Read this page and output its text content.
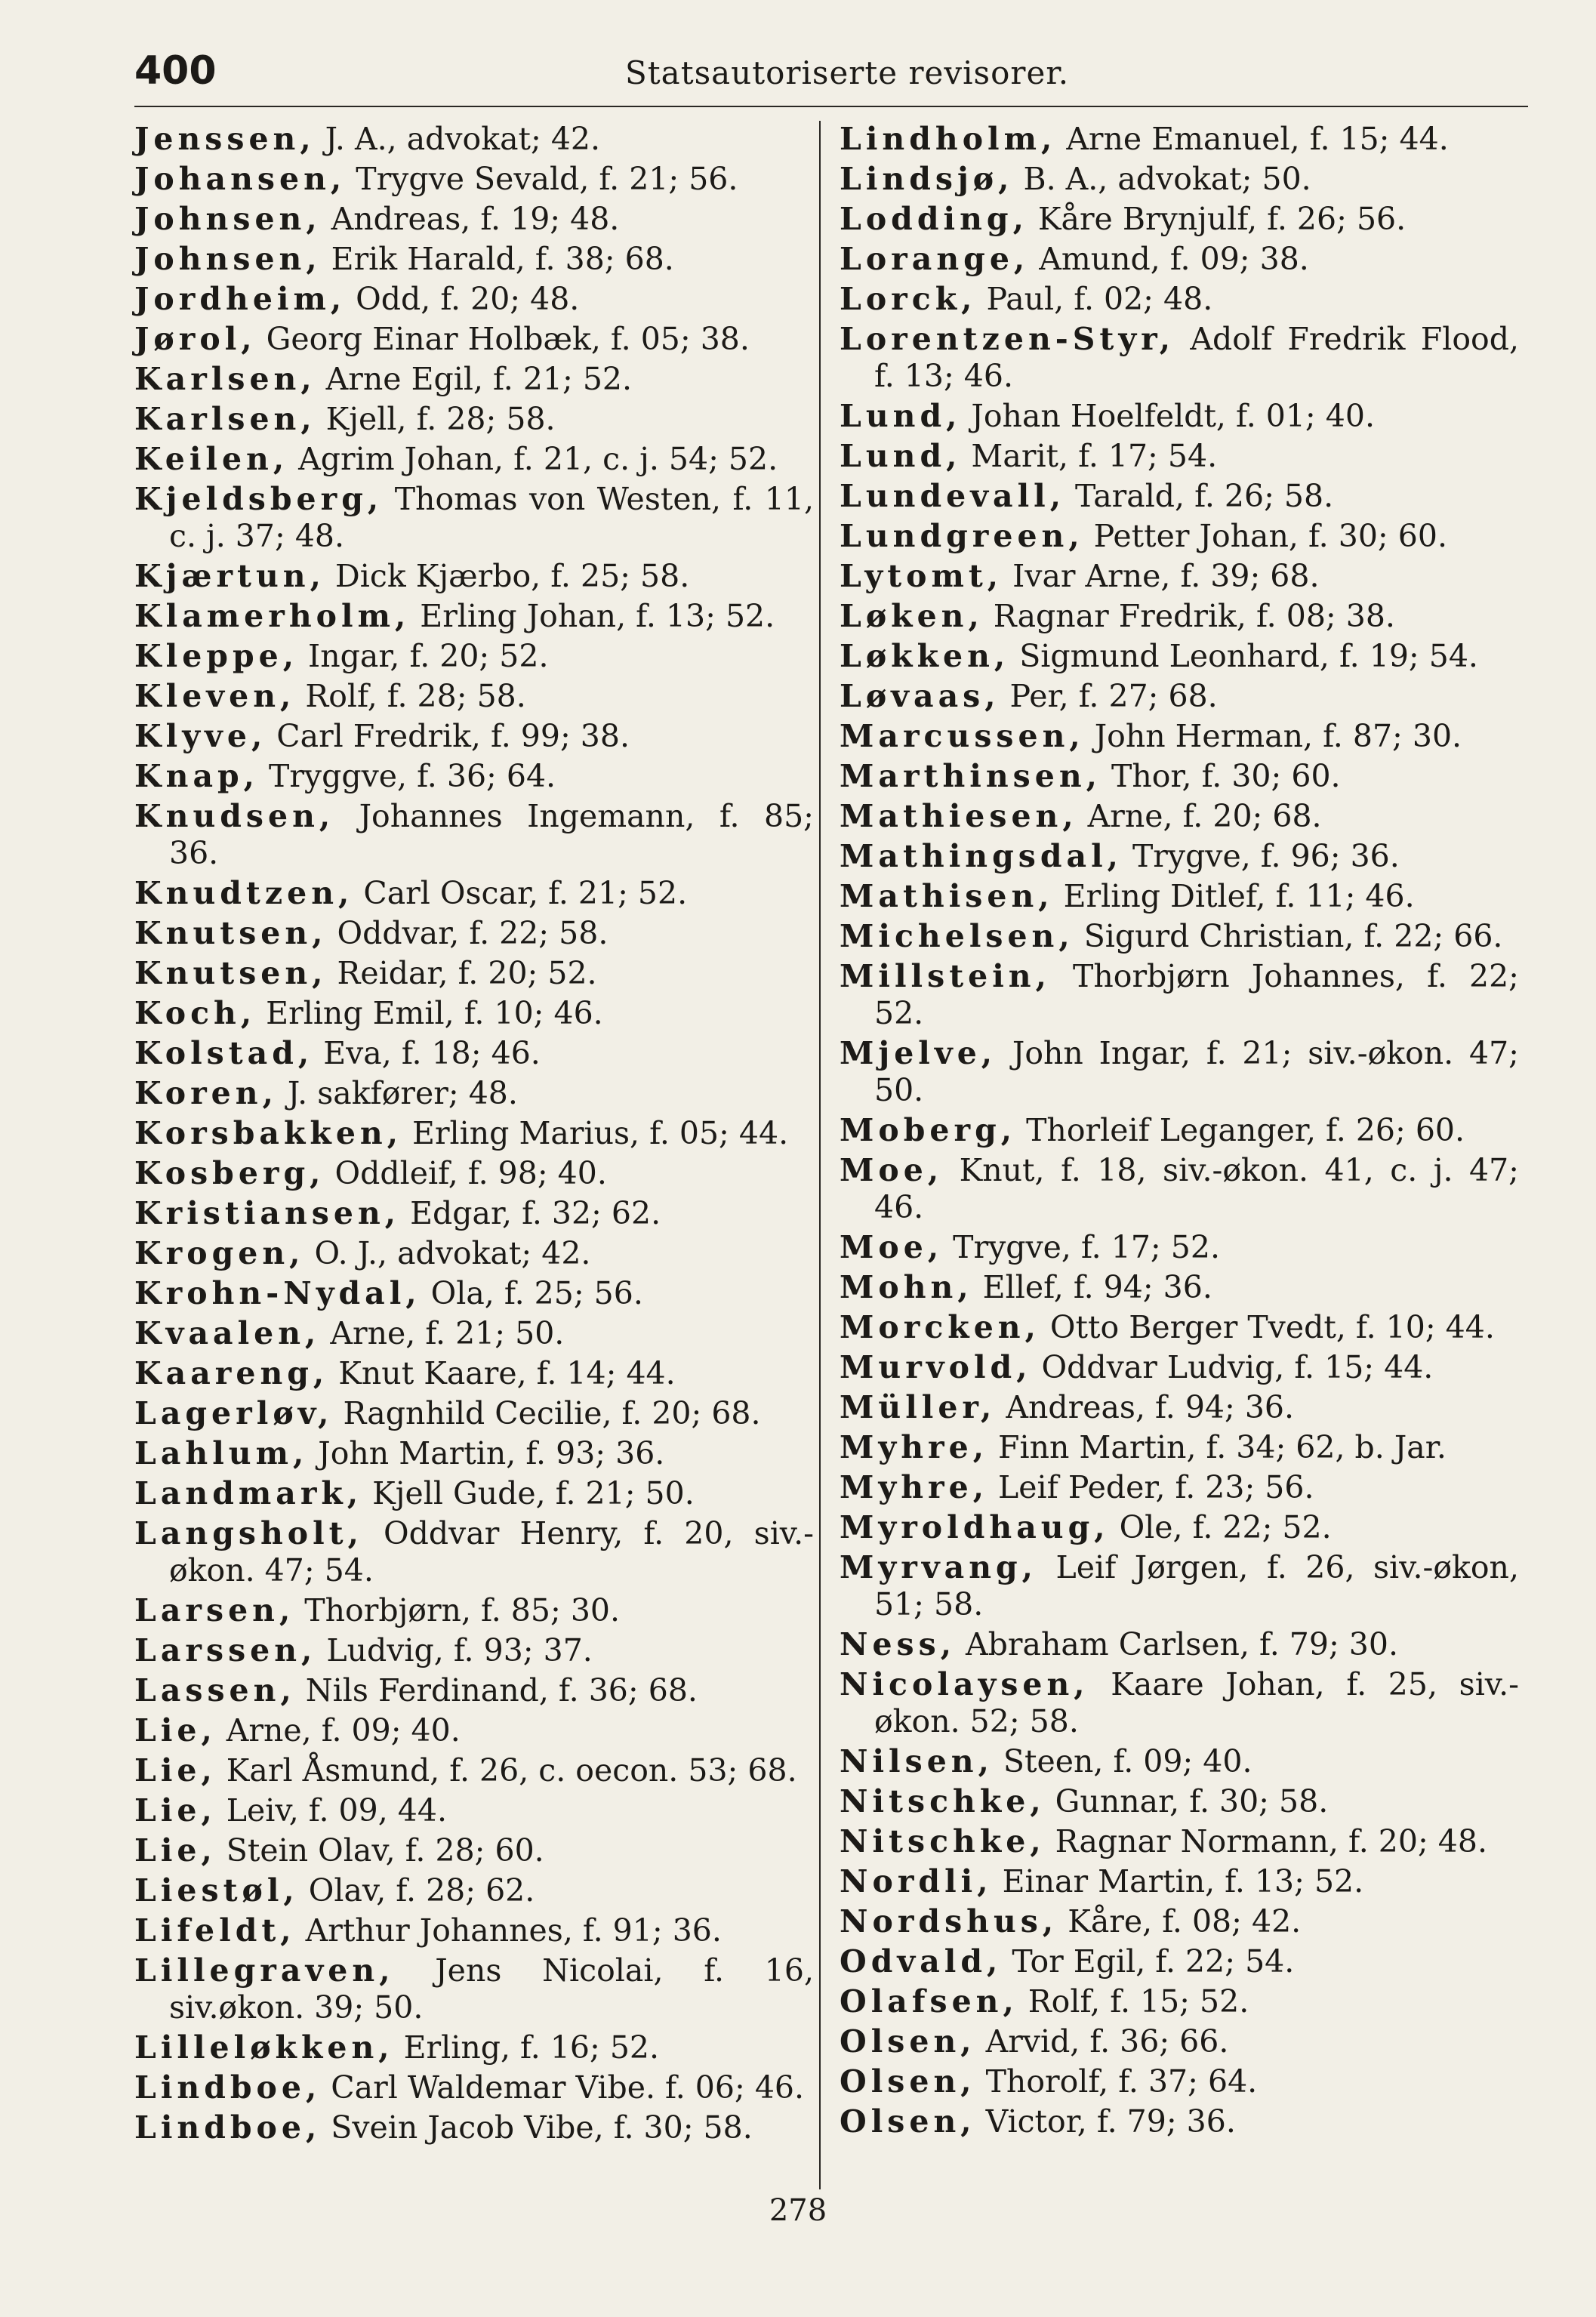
400	Statsautoriserte revisorer.
Jenssen, J. A., advokat; 42.
Johansen, Trygve Sevald, f. 21; 56.
Johnsen, Andreas, f. 19; 48.
Johnsen, Erik Harald, f. 38; 68.
Jordheim, Odd, f. 20; 48.
Jørol, Georg Einar Holbæk, f. 05; 38.
Karlsen, Arne Egil, f. 21; 52.
Karlsen, Kjell, f. 28; 58.
Keilen, Agrim Johan, f. 21, c. j. 54; 52.
Kjeldsberg, Thomas von Westen, f. 11, c. j. 37; 48.
Kjærtun, Dick Kjærbo, f. 25; 58.
Klamerholm, Erling Johan, f. 13; 52.
Kleppe, Ingar, f. 20; 52.
Kleven, Rolf, f. 28; 58.
Klyve, Carl Fredrik, f. 99; 38.
Knap, Tryggve, f. 36; 64.
Knudsen, Johannes Ingemann, f. 85; 36.
Knudtzen, Carl Oscar, f. 21; 52.
Knutsen, Oddvar, f. 22; 58.
Knutsen, Reidar, f. 20; 52.
Koch, Erling Emil, f. 10; 46.
Kolstad, Eva, f. 18; 46.
Koren, J. sakfører; 48.
Korsbakken, Erling Marius, f. 05; 44.
Kosberg, Oddleif, f. 98; 40.
Kristiansen, Edgar, f. 32; 62.
Krogen, O. J., advokat; 42.
Krohn-Nydal, Ola, f. 25; 56.
Kvaalen, Arne, f. 21; 50.
Kaareng, Knut Kaare, f. 14; 44.
Lagerløv, Ragnhild Cecilie, f. 20; 68.
Lahlum, John Martin, f. 93; 36.
Landmark, Kjell Gude, f. 21; 50.
Langsholt, Oddvar Henry, f. 20, siv.-økon. 47; 54.
Larsen, Thorbjørn, f. 85; 30.
Larssen, Ludvig, f. 93; 37.
Lassen, Nils Ferdinand, f. 36; 68.
Lie, Arne, f. 09; 40.
Lie, Karl Åsmund, f. 26, c. oecon. 53; 68.
Lie, Leiv, f. 09, 44.
Lie, Stein Olav, f. 28; 60.
Liestøl, Olav, f. 28; 62.
Lifeldt, Arthur Johannes, f. 91; 36.
Lillegraven, Jens Nicolai, f. 16, siv.økon. 39; 50.
Lilleløkken, Erling, f. 16; 52.
Lindboe, Carl Waldemar Vibe. f. 06; 46.
Lindboe, Svein Jacob Vibe, f. 30; 58.
Lindholm, Arne Emanuel, f. 15; 44.
Lindsjø, B. A., advokat; 50.
Lodding, Kåre Brynjulf, f. 26; 56.
Lorange, Amund, f. 09; 38.
Lorck, Paul, f. 02; 48.
Lorentzen-Styr, Adolf Fredrik Flood, f. 13; 46.
Lund, Johan Hoelfeldt, f. 01; 40.
Lund, Marit, f. 17; 54.
Lundevall, Tarald, f. 26; 58.
Lundgreen, Petter Johan, f. 30; 60.
Lytomt, Ivar Arne, f. 39; 68.
Løken, Ragnar Fredrik, f. 08; 38.
Løkken, Sigmund Leonhard, f. 19; 54.
Løvaas, Per, f. 27; 68.
Marcussen, John Herman, f. 87; 30.
Marthinsen, Thor, f. 30; 60.
Mathiesen, Arne, f. 20; 68.
Mathingsdal, Trygve, f. 96; 36.
Mathisen, Erling Ditlef, f. 11; 46.
Michelsen, Sigurd Christian, f. 22; 66.
Millstein, Thorbjørn Johannes, f. 22; 52.
Mjelve, John Ingar, f. 21; siv.-økon. 47; 50.
Moberg, Thorleif Leganger, f. 26; 60.
Moe, Knut, f. 18, siv.-økon. 41, c. j. 47; 46.
Moe, Trygve, f. 17; 52.
Mohn, Ellef, f. 94; 36.
Morcken, Otto Berger Tvedt, f. 10; 44.
Murvold, Oddvar Ludvig, f. 15; 44.
Müller, Andreas, f. 94; 36.
Myhre, Finn Martin, f. 34; 62, b. Jar.
Myhre, Leif Peder, f. 23; 56.
Myroldhaug, Ole, f. 22; 52.
Myrvang, Leif Jørgen, f. 26, siv.-økon, 51; 58.
Ness, Abraham Carlsen, f. 79; 30.
Nicolaysen, Kaare Johan, f. 25, siv.-økon. 52; 58.
Nilsen, Steen, f. 09; 40.
Nitschke, Gunnar, f. 30; 58.
Nitschke, Ragnar Normann, f. 20; 48.
Nordli, Einar Martin, f. 13; 52.
Nordshus, Kåre, f. 08; 42.
Odvald, Tor Egil, f. 22; 54.
Olafsen, Rolf, f. 15; 52.
Olsen, Arvid, f. 36; 66.
Olsen, Thorolf, f. 37; 64.
Olsen, Victor, f. 79; 36.
278
